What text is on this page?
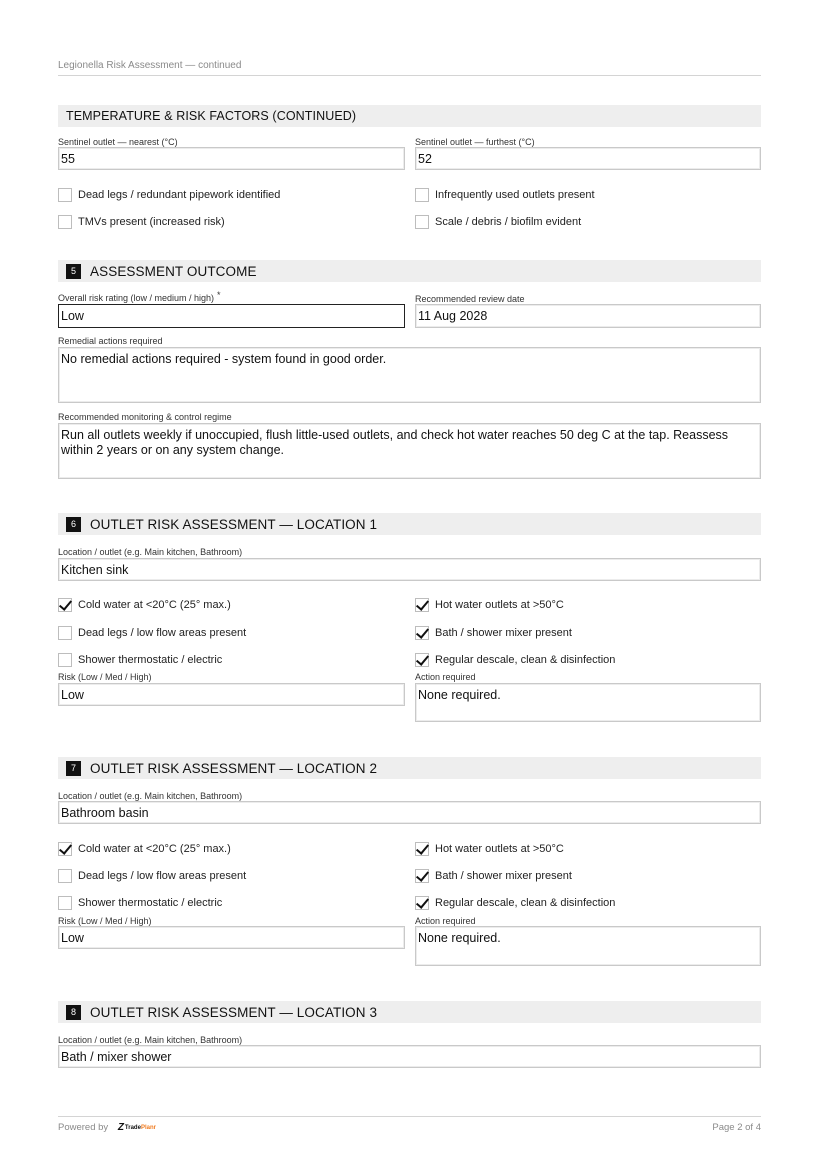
Legionella Risk Assessment — continued
TEMPERATURE & RISK FACTORS (CONTINUED)
Sentinel outlet — nearest (°C)
55
Sentinel outlet — furthest (°C)
52
Dead legs / redundant pipework identified	Infrequently used outlets present
TMVs present (increased risk)	Scale / debris / biofilm evident
5	ASSESSMENT OUTCOME
Overall risk rating (low / medium / high) *
Low
Recommended review date
11 Aug 2028
Remedial actions required
No remedial actions required - system found in good order.
Recommended monitoring & control regime
Run all outlets weekly if unoccupied, flush little-used outlets, and check hot water reaches 50 deg C at the tap. Reassess within 2 years or on any system change.
6	OUTLET RISK ASSESSMENT — LOCATION 1
Location / outlet (e.g. Main kitchen, Bathroom)
Kitchen sink
Cold water at <20°C (25° max.)	Hot water outlets at >50°C
Dead legs / low flow areas present	Bath / shower mixer present
Shower thermostatic / electric	Regular descale, clean & disinfection
Risk (Low / Med / High)
Low
Action required
None required.
7	OUTLET RISK ASSESSMENT — LOCATION 2
Location / outlet (e.g. Main kitchen, Bathroom)
Bathroom basin
Cold water at <20°C (25° max.)	Hot water outlets at >50°C
Dead legs / low flow areas present	Bath / shower mixer present
Shower thermostatic / electric	Regular descale, clean & disinfection
Risk (Low / Med / High)
Low
Action required
None required.
8	OUTLET RISK ASSESSMENT — LOCATION 3
Location / outlet (e.g. Main kitchen, Bathroom)
Bath / mixer shower
Powered by Z TradePlanr	Page 2 of 4
